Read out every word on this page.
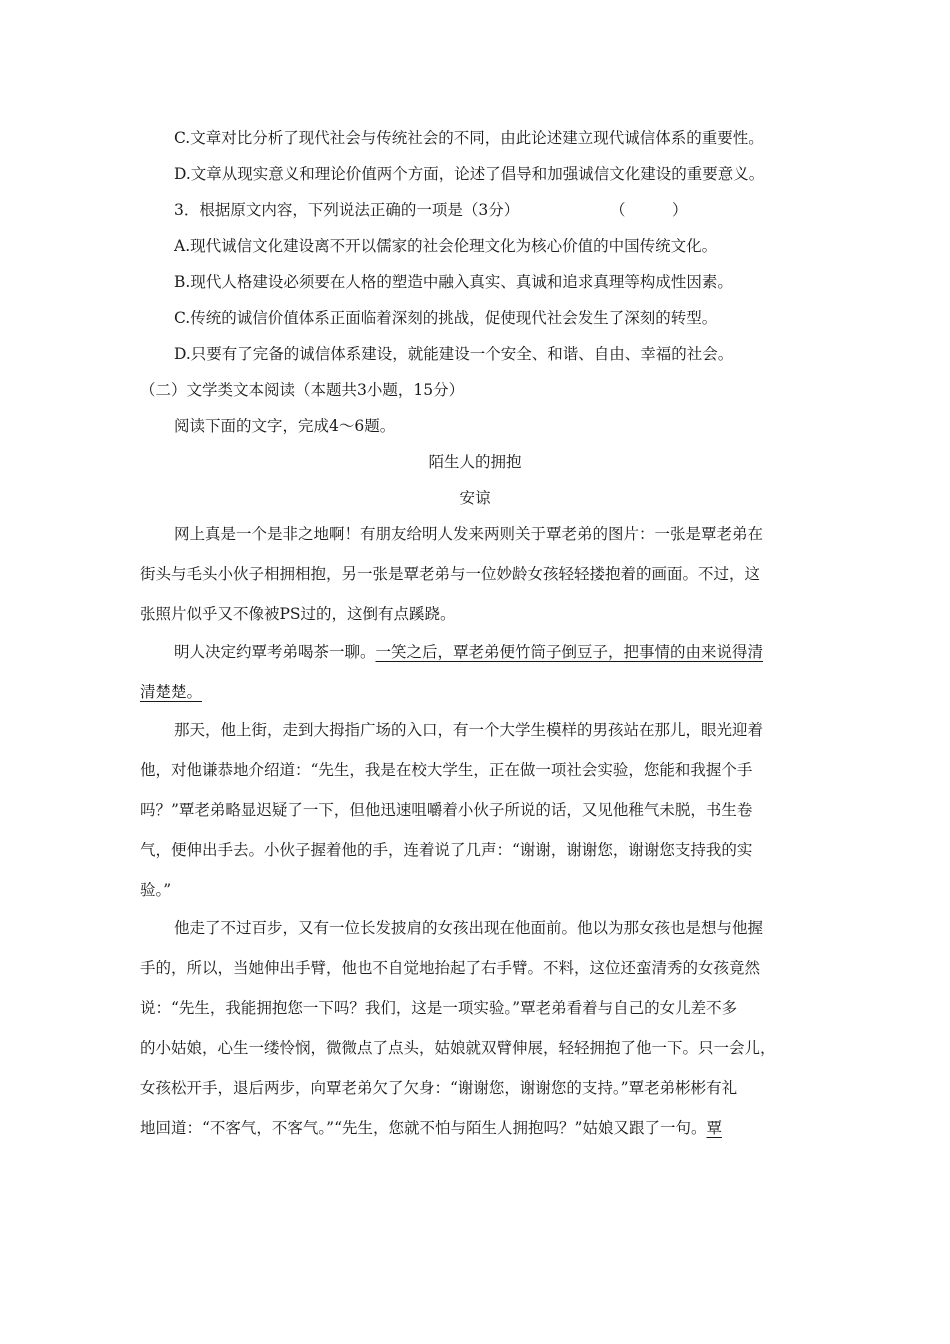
C.文章对比分析了现代社会与传统社会的不同，由此论述建立现代诚信体系的重要性。
D.文章从现实意义和理论价值两个方面，论述了倡导和加强诚信文化建设的重要意义。
3．根据原文内容，下列说法正确的一项是（3分）	（　　　）
A.现代诚信文化建设离不开以儒家的社会伦理文化为核心价值的中国传统文化。
B.现代人格建设必须要在人格的塑造中融入真实、真诚和追求真理等构成性因素。
C.传统的诚信价值体系正面临着深刻的挑战，促使现代社会发生了深刻的转型。
D.只要有了完备的诚信体系建设，就能建设一个安全、和谐、自由、幸福的社会。
（二）文学类文本阅读（本题共3小题，15分）
阅读下面的文字，完成4～6题。
陌生人的拥抱
安谅
网上真是一个是非之地啊！有朋友给明人发来两则关于覃老弟的图片：一张是覃老弟在
街头与毛头小伙子相拥相抱，另一张是覃老弟与一位妙龄女孩轻轻搂抱着的画面。不过，这
张照片似乎又不像被PS过的，这倒有点蹊跷。
明人决定约覃考弟喝茶一聊。一笑之后，覃老弟便竹筒子倒豆子，把事情的由来说得清
清楚楚。
那天，他上街，走到大拇指广场的入口，有一个大学生模样的男孩站在那儿，眼光迎着
他，对他谦恭地介绍道：“先生，我是在校大学生，正在做一项社会实验，您能和我握个手
吗？”覃老弟略显迟疑了一下，但他迅速咀嚼着小伙子所说的话，又见他稚气未脱，书生卷
气，便伸出手去。小伙子握着他的手，连着说了几声：“谢谢，谢谢您，谢谢您支持我的实
验。”
他走了不过百步，又有一位长发披肩的女孩出现在他面前。他以为那女孩也是想与他握
手的，所以，当她伸出手臂，他也不自觉地抬起了右手臂。不料，这位还蛮清秀的女孩竟然
说：“先生，我能拥抱您一下吗？我们，这是一项实验。”覃老弟看着与自己的女儿差不多
的小姑娘，心生一缕怜悯，微微点了点头，姑娘就双臂伸展，轻轻拥抱了他一下。只一会儿，
女孩松开手，退后两步，向覃老弟欠了欠身：“谢谢您，谢谢您的支持。”覃老弟彬彬有礼
地回道：“不客气，不客气。”“先生，您就不怕与陌生人拥抱吗？”姑娘又跟了一句。覃
